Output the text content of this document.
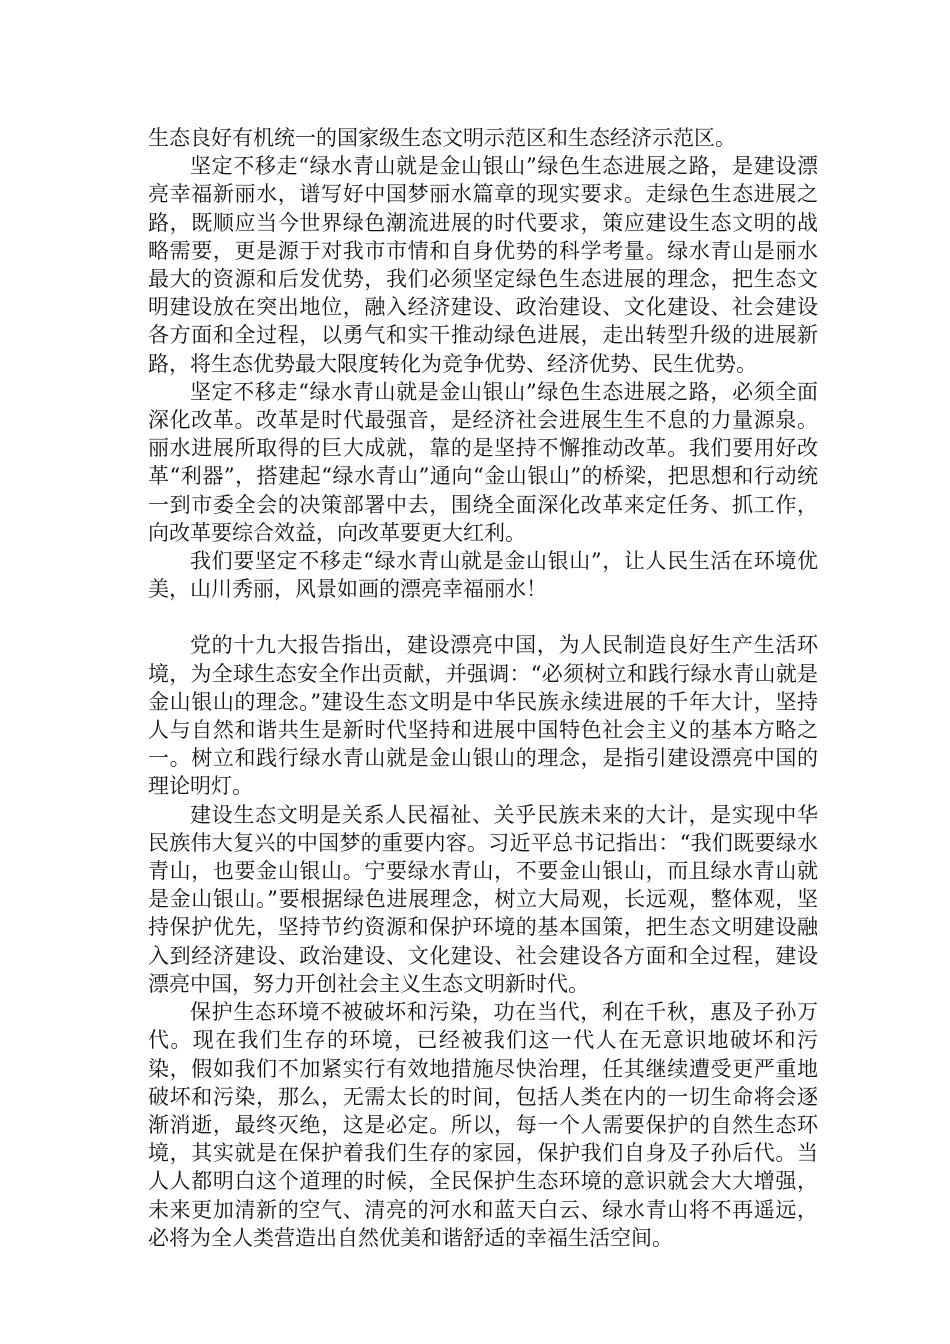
生态良好有机统一的国家级生态文明示范区和生态经济示范区。

坚定不移走“绿水青山就是金山银山”绿色生态进展之路，是建设漂亮幸福新丽水，谱写好中国梦丽水篇章的现实要求。走绿色生态进展之路，既顺应当今世界绿色潮流进展的时代要求，策应建设生态文明的战略需要，更是源于对我市市情和自身优势的科学考量。绿水青山是丽水最大的资源和后发优势，我们必须坚定绿色生态进展的理念，把生态文明建设放在突出地位，融入经济建设、政治建设、文化建设、社会建设各方面和全过程，以勇气和实干推动绿色进展，走出转型升级的进展新路，将生态优势最大限度转化为竞争优势、经济优势、民生优势。

坚定不移走“绿水青山就是金山银山”绿色生态进展之路，必须全面深化改革。改革是时代最强音，是经济社会进展生生不息的力量源泉。丽水进展所取得的巨大成就，靠的是坚持不懈推动改革。我们要用好改革“利器”，搭建起“绿水青山”通向“金山银山”的桥梁，把思想和行动统一到市委全会的决策部署中去，围绕全面深化改革来定任务、抓工作，向改革要综合效益，向改革要更大红利。

我们要坚定不移走“绿水青山就是金山银山”，让人民生活在环境优美，山川秀丽，风景如画的漂亮幸福丽水！

党的十九大报告指出，建设漂亮中国，为人民制造良好生产生活环境，为全球生态安全作出贡献，并强调：“必须树立和践行绿水青山就是金山银山的理念。”建设生态文明是中华民族永续进展的千年大计，坚持人与自然和谐共生是新时代坚持和进展中国特色社会主义的基本方略之一。树立和践行绿水青山就是金山银山的理念，是指引建设漂亮中国的理论明灯。

建设生态文明是关系人民福祉、关乎民族未来的大计，是实现中华民族伟大复兴的中国梦的重要内容。习近平总书记指出：“我们既要绿水青山，也要金山银山。宁要绿水青山，不要金山银山，而且绿水青山就是金山银山。”要根据绿色进展理念，树立大局观，长远观，整体观，坚持保护优先，坚持节约资源和保护环境的基本国策，把生态文明建设融入到经济建设、政治建设、文化建设、社会建设各方面和全过程，建设漂亮中国，努力开创社会主义生态文明新时代。

保护生态环境不被破坏和污染，功在当代，利在千秋，惠及子孙万代。现在我们生存的环境，已经被我们这一代人在无意识地破坏和污染，假如我们不加紧实行有效地措施尽快治理，任其继续遭受更严重地破坏和污染，那么，无需太长的时间，包括人类在内的一切生命将会逐渐消逝，最终灭绝，这是必定。所以，每一个人需要保护的自然生态环境，其实就是在保护着我们生存的家园，保护我们自身及子孙后代。当人人都明白这个道理的时候，全民保护生态环境的意识就会大大增强，未来更加清新的空气、清亮的河水和蓝天白云、绿水青山将不再遥远，必将为全人类营造出自然优美和谐舒适的幸福生活空间。
